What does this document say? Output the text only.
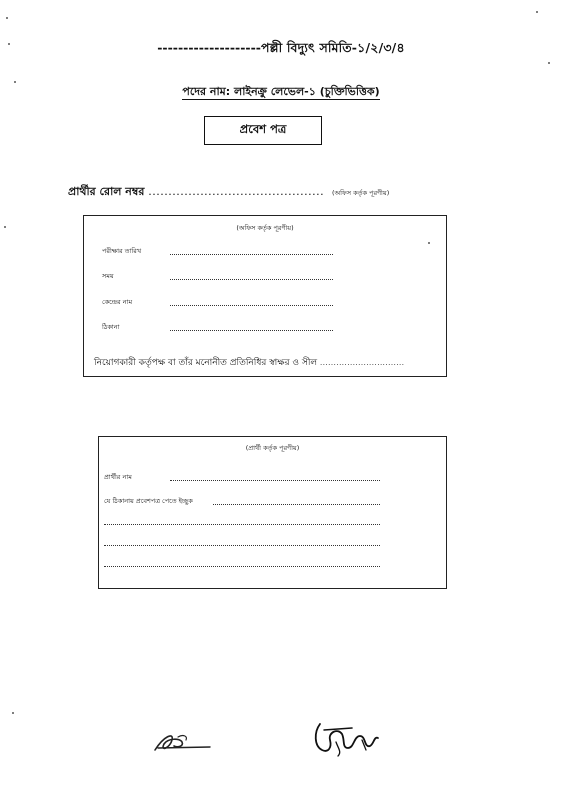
--------------------পল্লী বিদ্যুৎ সমিতি-১/২/৩/৪
পদের নাম: লাইনক্রু লেভেল-১ (চুক্তিভিত্তিক)
প্রবেশ পত্র
প্রার্থীর রোল নম্বর ............................................ (অফিস কর্তৃক পূরণীয়)
(অফিস কর্তৃক পূরণীয়)
পরীক্ষার তারিখ
সময়
কেন্দ্রের নাম
ঠিকানা
নিয়োগকারী কর্তৃপক্ষ বা তাঁর মনোনীত প্রতিনিধির স্বাক্ষর ও সীল ...............................
(প্রার্থী কর্তৃক পূরণীয়)
প্রার্থীর নাম
যে ঠিকানায় প্রবেশপত্র পেতে ইচ্ছুক
